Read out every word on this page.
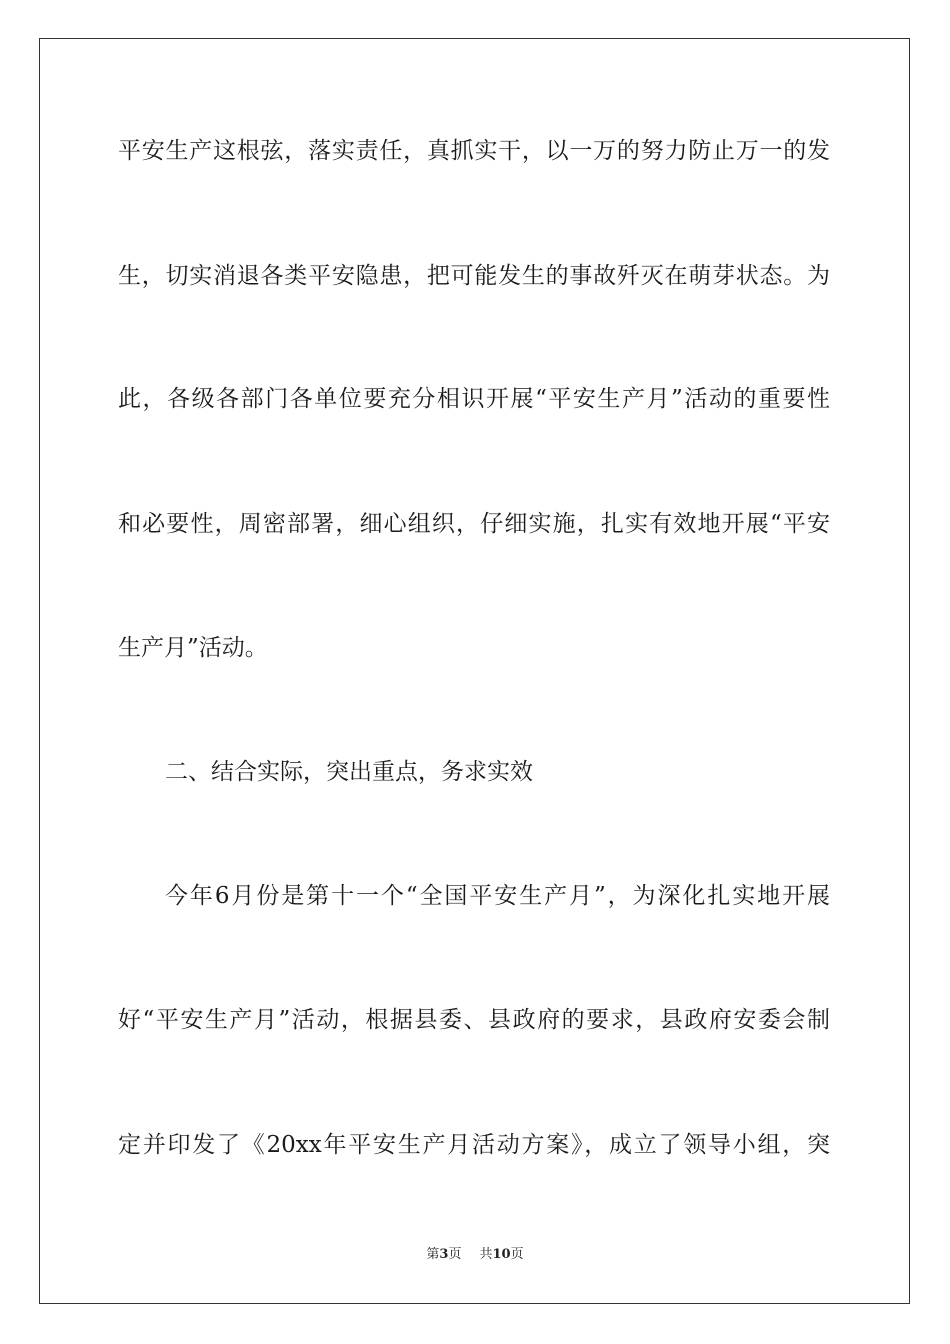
平安生产这根弦，落实责任，真抓实干，以一万的努力防止万一的发
生，切实消退各类平安隐患，把可能发生的事故歼灭在萌芽状态。为
此，各级各部门各单位要充分相识开展“平安生产月”活动的重要性
和必要性，周密部署，细心组织，仔细实施，扎实有效地开展“平安
生产月”活动。
二、结合实际，突出重点，务求实效
今年6月份是第十一个“全国平安生产月”，为深化扎实地开展
好“平安生产月”活动，根据县委、县政府的要求，县政府安委会制
定并印发了《20xx年平安生产月活动方案》，成立了领导小组，突
第3页 共10页
